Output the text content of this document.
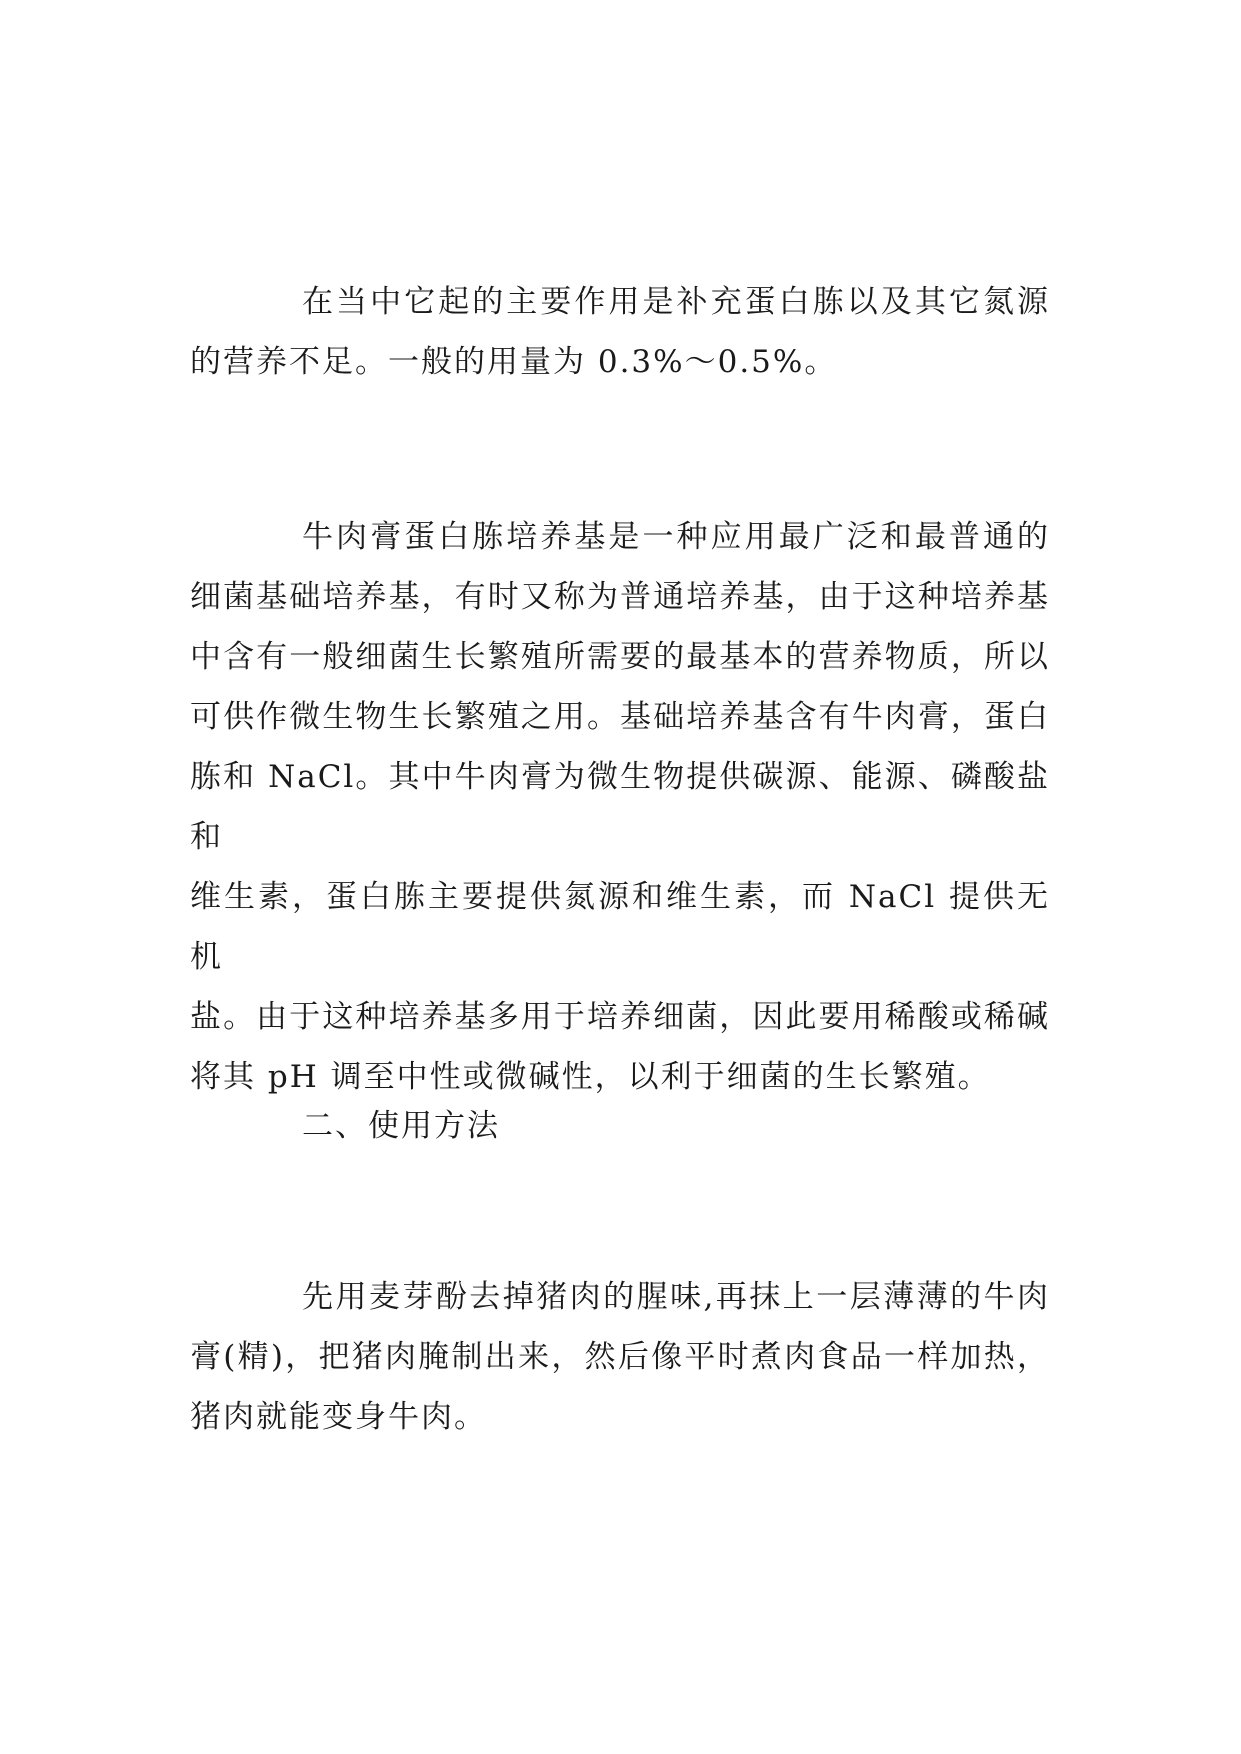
在当中它起的主要作用是补充蛋白胨以及其它氮源
的营养不足。一般的用量为 0.3%～0.5%。

牛肉膏蛋白胨培养基是一种应用最广泛和最普通的
细菌基础培养基，有时又称为普通培养基，由于这种培养基
中含有一般细菌生长繁殖所需要的最基本的营养物质，所以
可供作微生物生长繁殖之用。基础培养基含有牛肉膏，蛋白
胨和 NaCl。其中牛肉膏为微生物提供碳源、能源、磷酸盐和
维生素，蛋白胨主要提供氮源和维生素，而 NaCl 提供无机
盐。由于这种培养基多用于培养细菌，因此要用稀酸或稀碱
将其 pH 调至中性或微碱性，以利于细菌的生长繁殖。

二、使用方法

先用麦芽酚去掉猪肉的腥味,再抹上一层薄薄的牛肉
膏(精)，把猪肉腌制出来，然后像平时煮肉食品一样加热，
猪肉就能变身牛肉。
